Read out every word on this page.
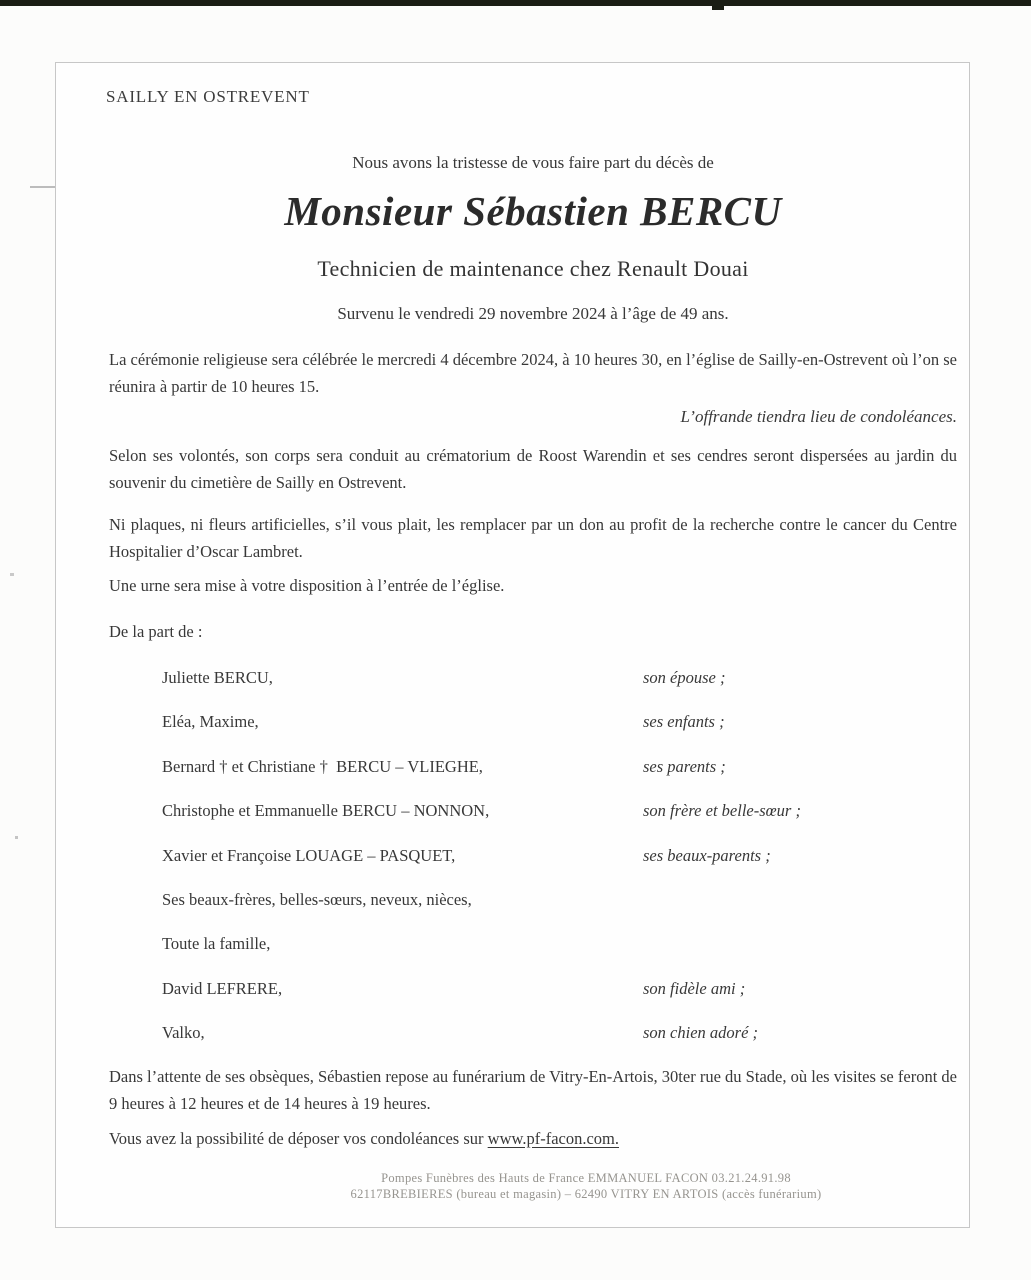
SAILLY EN OSTREVENT

Nous avons la tristesse de vous faire part du décès de

Monsieur Sébastien BERCU

Technicien de maintenance chez Renault Douai

Survenu le vendredi 29 novembre 2024 à l’âge de 49 ans.

La cérémonie religieuse sera célébrée le mercredi 4 décembre 2024, à 10 heures 30, en l’église de Sailly-en-Ostrevent où l’on se réunira à partir de 10 heures 15.

L’offrande tiendra lieu de condoléances.

Selon ses volontés, son corps sera conduit au crématorium de Roost Warendin et ses cendres seront dispersées au jardin du souvenir du cimetière de Sailly en Ostrevent.

Ni plaques, ni fleurs artificielles, s’il vous plait, les remplacer par un don au profit de la recherche contre le cancer du Centre Hospitalier d’Oscar Lambret.

Une urne sera mise à votre disposition à l’entrée de l’église.

De la part de :

Juliette BERCU,	son épouse ;
Eléa, Maxime,	ses enfants ;
Bernard † et Christiane †  BERCU – VLIEGHE,	ses parents ;
Christophe et Emmanuelle BERCU – NONNON,	son frère et belle-sœur ;
Xavier et Françoise LOUAGE – PASQUET,	ses beaux-parents ;
Ses beaux-frères, belles-sœurs, neveux, nièces,
Toute la famille,
David LEFRERE,	son fidèle ami ;
Valko,	son chien adoré ;

Dans l’attente de ses obsèques, Sébastien repose au funérarium de Vitry-En-Artois, 30ter rue du Stade, où les visites se feront de 9 heures à 12 heures et de 14 heures à 19 heures.

Vous avez la possibilité de déposer vos condoléances sur www.pf-facon.com.

Pompes Funèbres des Hauts de France EMMANUEL FACON 03.21.24.91.98
62117BREBIERES (bureau et magasin) – 62490 VITRY EN ARTOIS (accès funérarium)
